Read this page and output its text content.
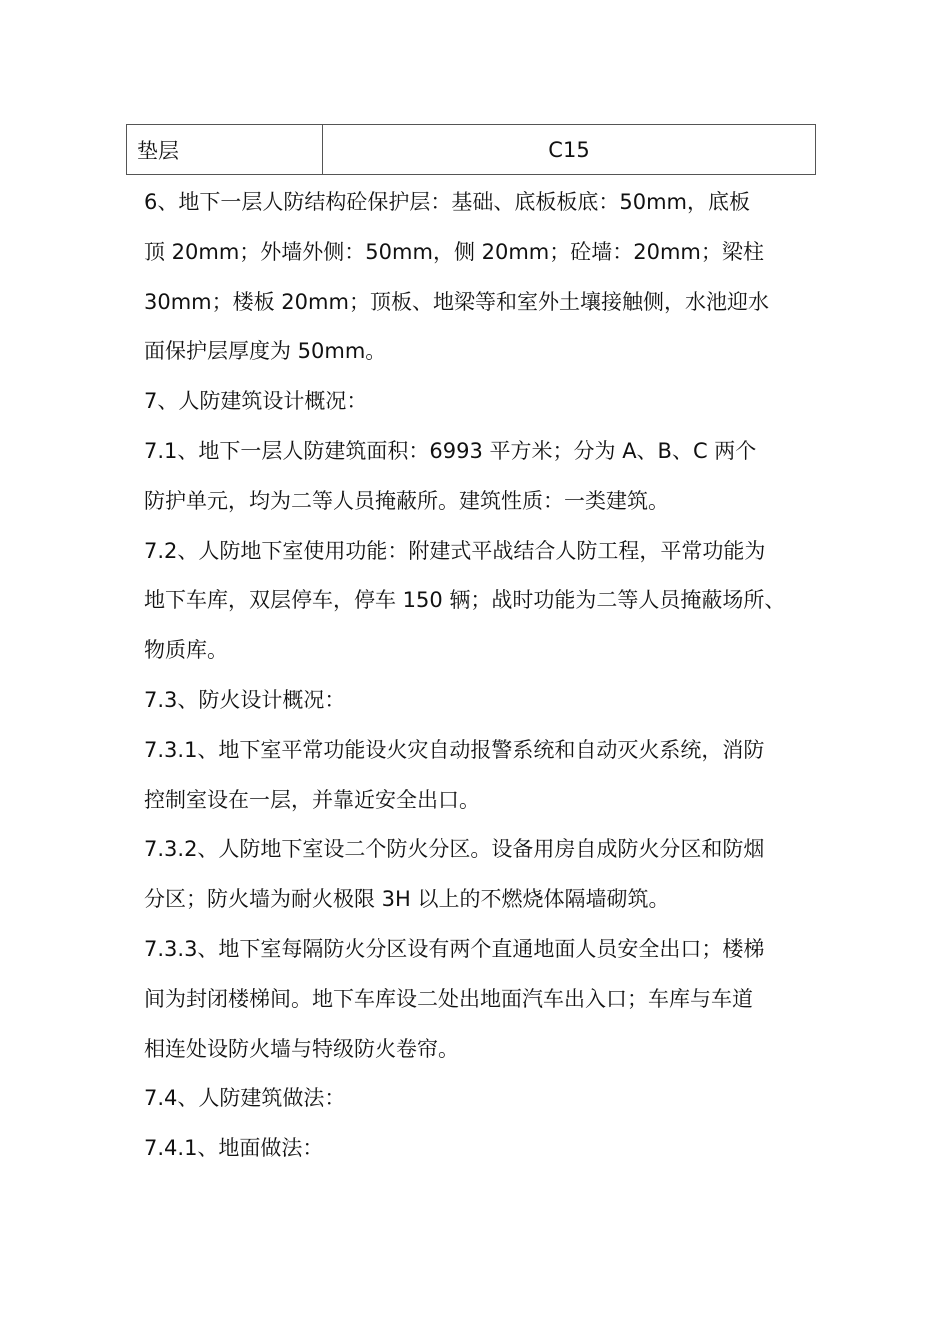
垫层	C15

6、地下一层人防结构砼保护层：基础、底板板底：50mm，底板

顶 20mm；外墙外侧：50mm，侧 20mm；砼墙：20mm；梁柱

30mm；楼板 20mm；顶板、地梁等和室外土壤接触侧，水池迎水

面保护层厚度为 50mm。

7、人防建筑设计概况：

7.1、地下一层人防建筑面积：6993 平方米；分为 A、B、C 两个

防护单元，均为二等人员掩蔽所。建筑性质：一类建筑。

7.2、人防地下室使用功能：附建式平战结合人防工程，平常功能为

地下车库，双层停车，停车 150 辆；战时功能为二等人员掩蔽场所、

物质库。

7.3、防火设计概况：

7.3.1、地下室平常功能设火灾自动报警系统和自动灭火系统，消防

控制室设在一层，并靠近安全出口。

7.3.2、人防地下室设二个防火分区。设备用房自成防火分区和防烟

分区；防火墙为耐火极限 3H 以上的不燃烧体隔墙砌筑。

7.3.3、地下室每隔防火分区设有两个直通地面人员安全出口；楼梯

间为封闭楼梯间。地下车库设二处出地面汽车出入口；车库与车道

相连处设防火墙与特级防火卷帘。

7.4、人防建筑做法：

7.4.1、地面做法：
